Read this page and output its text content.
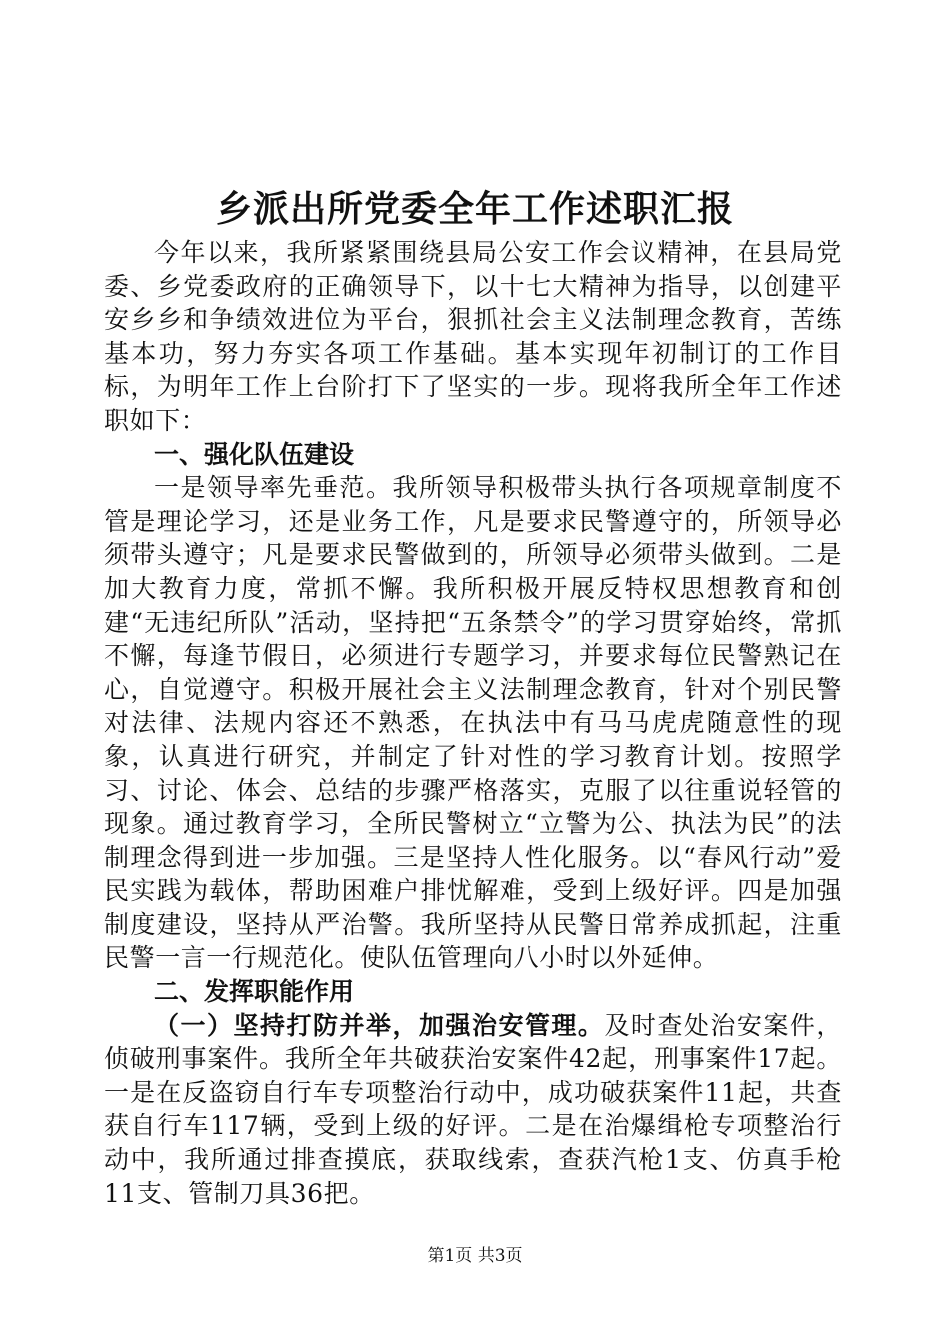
乡派出所党委全年工作述职汇报

今年以来，我所紧紧围绕县局公安工作会议精神，在县局党委、乡党委政府的正确领导下，以十七大精神为指导，以创建平安乡乡和争绩效进位为平台，狠抓社会主义法制理念教育，苦练基本功，努力夯实各项工作基础。基本实现年初制订的工作目标，为明年工作上台阶打下了坚实的一步。现将我所全年工作述职如下：

一、强化队伍建设

一是领导率先垂范。我所领导积极带头执行各项规章制度不管是理论学习，还是业务工作，凡是要求民警遵守的，所领导必须带头遵守；凡是要求民警做到的，所领导必须带头做到。二是加大教育力度，常抓不懈。我所积极开展反特权思想教育和创建“无违纪所队”活动，坚持把“五条禁令”的学习贯穿始终，常抓不懈，每逢节假日，必须进行专题学习，并要求每位民警熟记在心，自觉遵守。积极开展社会主义法制理念教育，针对个别民警对法律、法规内容还不熟悉，在执法中有马马虎虎随意性的现象，认真进行研究，并制定了针对性的学习教育计划。按照学习、讨论、体会、总结的步骤严格落实，克服了以往重说轻管的现象。通过教育学习，全所民警树立“立警为公、执法为民”的法制理念得到进一步加强。三是坚持人性化服务。以“春风行动”爱民实践为载体，帮助困难户排忧解难，受到上级好评。四是加强制度建设，坚持从严治警。我所坚持从民警日常养成抓起，注重民警一言一行规范化。使队伍管理向八小时以外延伸。

二、发挥职能作用

（一）坚持打防并举，加强治安管理。及时查处治安案件，侦破刑事案件。我所全年共破获治安案件42起，刑事案件17起。一是在反盗窃自行车专项整治行动中，成功破获案件11起，共查获自行车117辆，受到上级的好评。二是在治爆缉枪专项整治行动中，我所通过排查摸底，获取线索，查获汽枪1支、仿真手枪11支、管制刀具36把。

第1页 共3页
